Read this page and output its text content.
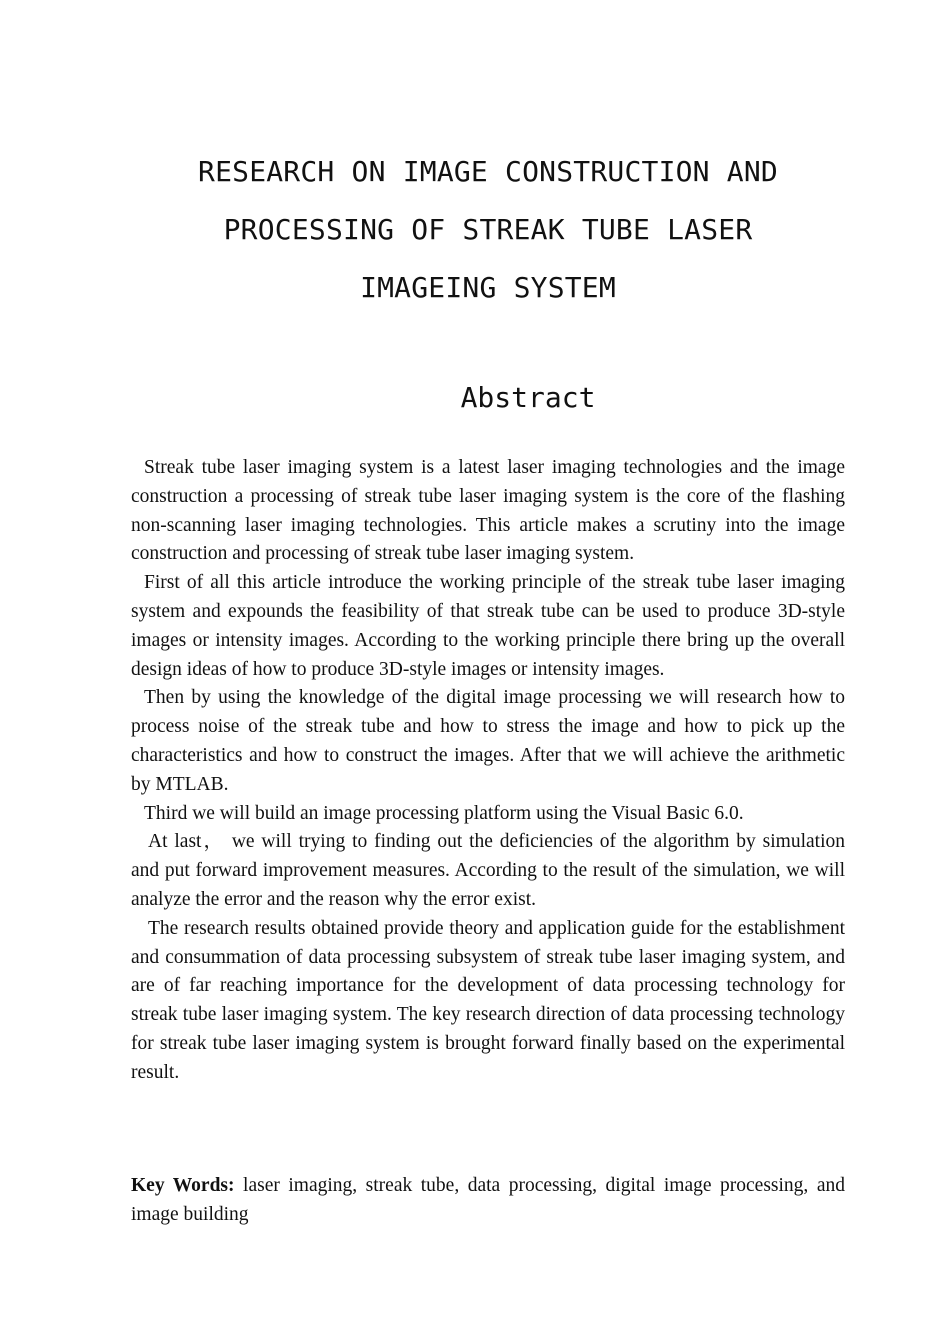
RESEARCH ON IMAGE CONSTRUCTION AND
PROCESSING OF STREAK TUBE LASER
IMAGEING SYSTEM
Abstract

Streak tube laser imaging system is a latest laser imaging technologies and the image construction a processing of streak tube laser imaging system is the core of the flashing non-scanning laser imaging technologies. This article makes a scrutiny into the image construction and processing of streak tube laser imaging system.

First of all this article introduce the working principle of the streak tube laser imaging system and expounds the feasibility of that streak tube can be used to produce 3D-style images or intensity images. According to the working principle there bring up the overall design ideas of how to produce 3D-style images or intensity images.

Then by using the knowledge of the digital image processing we will research how to process noise of the streak tube and how to stress the image and how to pick up the characteristics and how to construct the images. After that we will achieve the arithmetic by MTLAB.

Third we will build an image processing platform using the Visual Basic 6.0.

At last， we will trying to finding out the deficiencies of the algorithm by simulation and put forward improvement measures. According to the result of the simulation, we will analyze the error and the reason why the error exist.

The research results obtained provide theory and application guide for the establishment and consummation of data processing subsystem of streak tube laser imaging system, and are of far reaching importance for the development of data processing technology for streak tube laser imaging system. The key research direction of data processing technology for streak tube laser imaging system is brought forward finally based on the experimental result.

Key Words: laser imaging, streak tube, data processing, digital image processing, and image building
